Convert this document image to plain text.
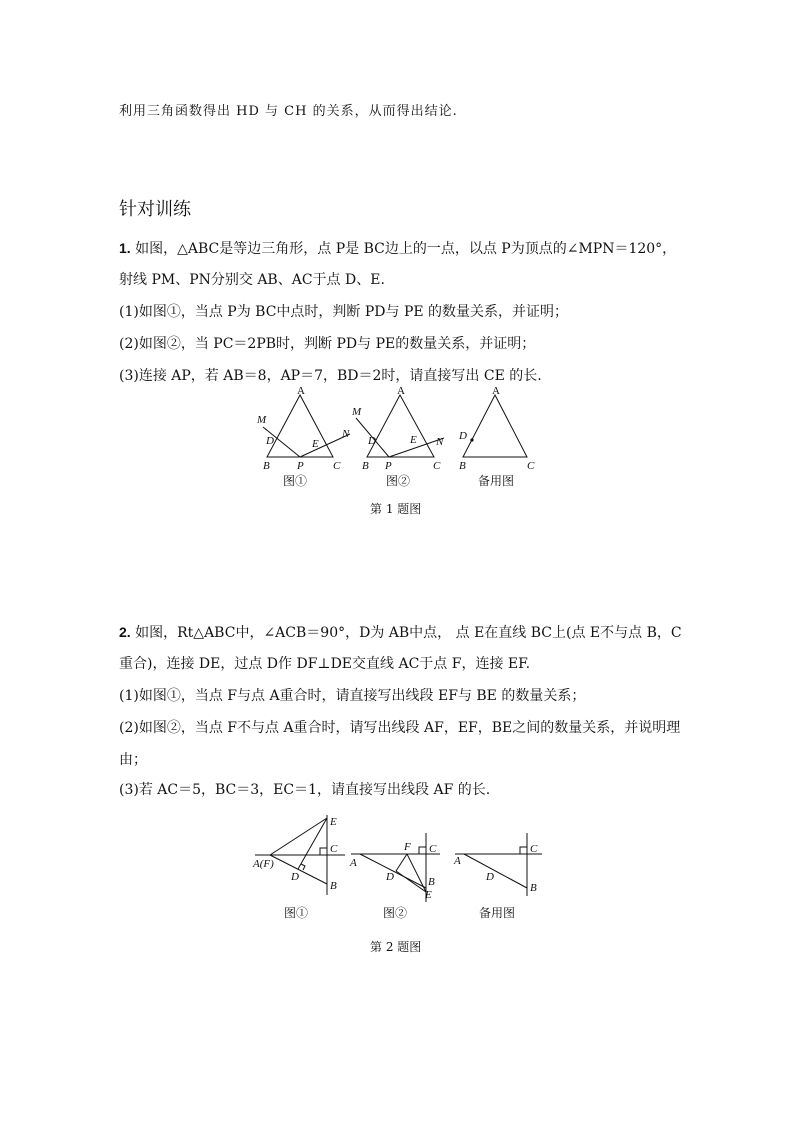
利用三角函数得出 HD 与 CH 的关系，从而得出结论.
针对训练
1. 如图，△ABC是等边三角形，点 P是 BC边上的一点，以点 P为顶点的∠MPN＝120°，
射线 PM、PN分别交 AB、AC于点 D、E.
(1)如图①，当点 P为 BC中点时，判断 PD与 PE 的数量关系，并证明；
(2)如图②，当 PC＝2PB时，判断 PD与 PE的数量关系，并证明；
(3)连接 AP，若 AB＝8，AP＝7，BD＝2时，请直接写出 CE 的长.
A
M
D	E
N
B P	C
图①
A
M
D	E N
B P	C
图②
A
D
B	C
备用图
第 1 题图
2. 如图，Rt△ABC中，∠ACB＝90°，D为 AB中点， 点 E在直线 BC上(点 E不与点 B，C
重合)，连接 DE，过点 D作 DF⊥DE交直线 AC于点 F，连接 EF.
(1)如图①，当点 F与点 A重合时，请直接写出线段 EF与 BE 的数量关系；
(2)如图②，当点 F不与点 A重合时，请写出线段 AF，EF，BE之间的数量关系，并说明理
由；
(3)若 AC＝5，BC＝3，EC＝1，请直接写出线段 AF 的长.
A(F)
E
C
D
B
图①
A
F C
D	B
E
图②
A
C
D
B
备用图
第 2 题图
